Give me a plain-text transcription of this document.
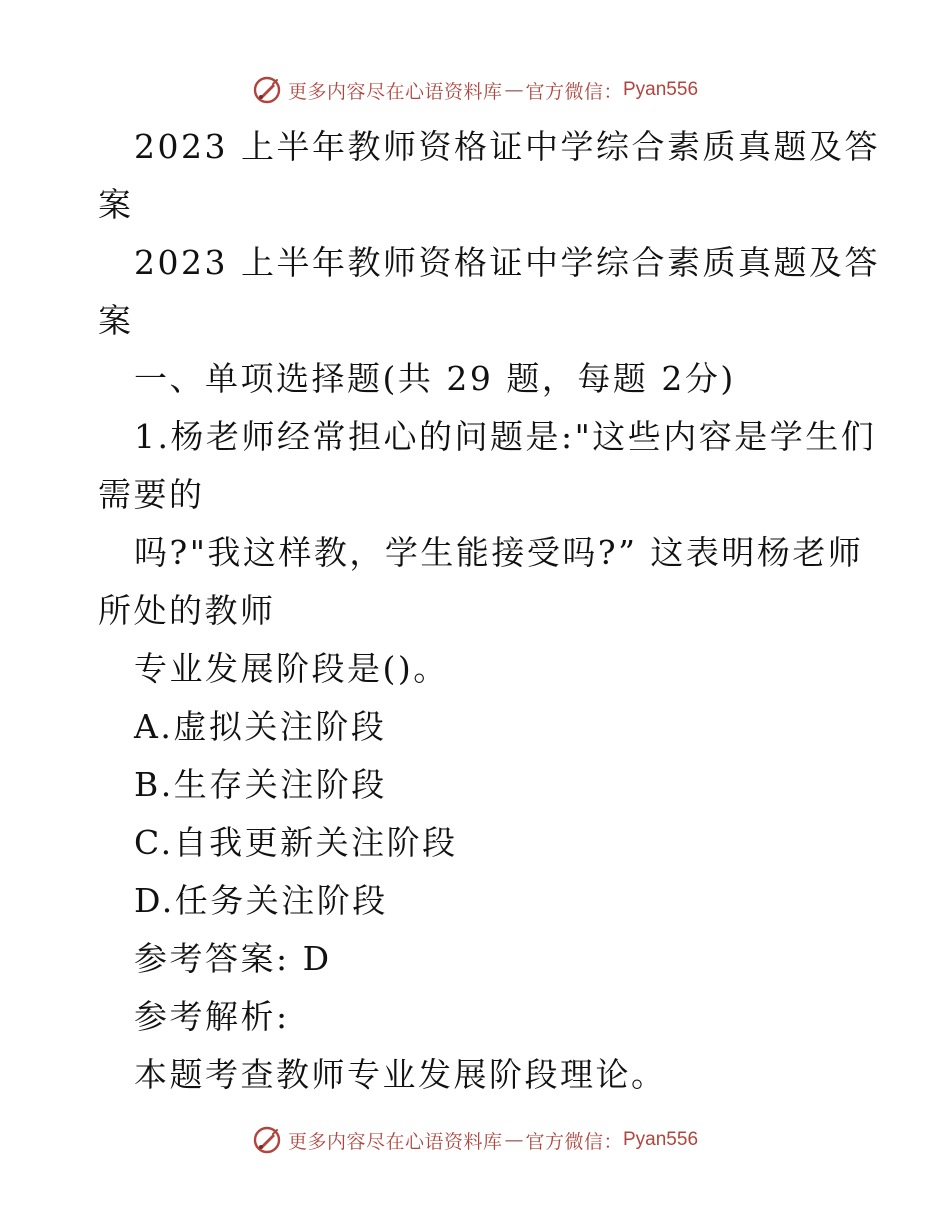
更多内容尽在心语资料库 — 官方微信： Pyan556
2023 上半年教师资格证中学综合素质真题及答
案
2023 上半年教师资格证中学综合素质真题及答
案
一、单项选择题(共 29 题，每题 2分)
1.杨老师经常担心的问题是:"这些内容是学生们
需要的
吗?"我这样教，学生能接受吗?” 这表明杨老师
所处的教师
专业发展阶段是()。
A.虚拟关注阶段
B.生存关注阶段
C.自我更新关注阶段
D.任务关注阶段
参考答案: D
参考解析:
本题考查教师专业发展阶段理论。
更多内容尽在心语资料库 — 官方微信： Pyan556
